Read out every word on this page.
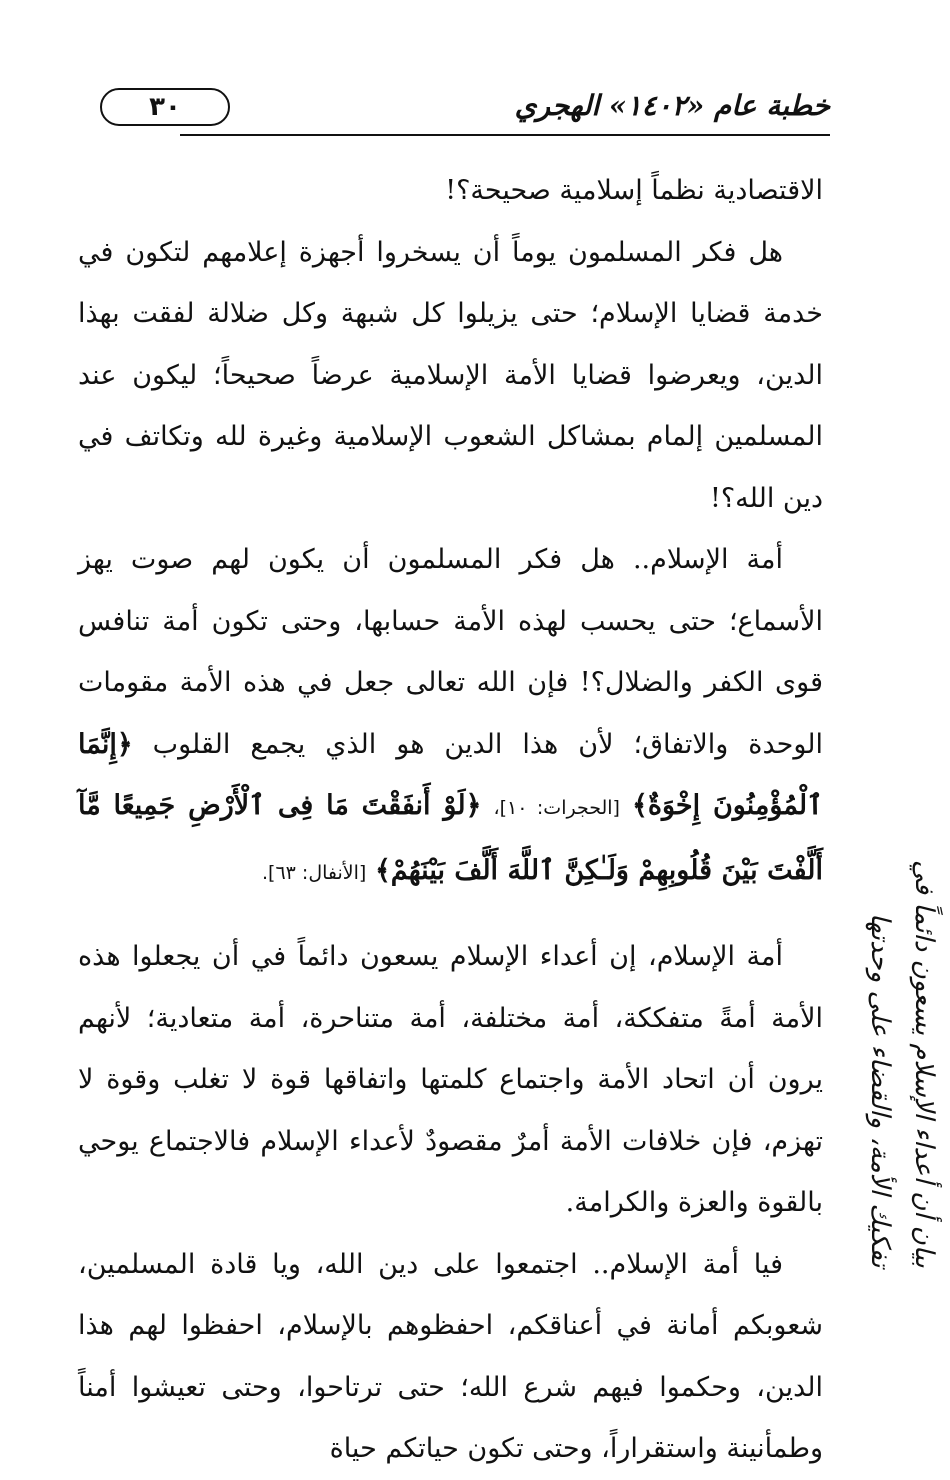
٣٠	خطبة عام «١٤٠٢» الهجري

الاقتصادية نظماً إسلامية صحيحة؟!

هل فكر المسلمون يوماً أن يسخروا أجهزة إعلامهم لتكون في خدمة قضايا الإسلام؛ حتى يزيلوا كل شبهة وكل ضلالة لفقت بهذا الدين، ويعرضوا قضايا الأمة الإسلامية عرضاً صحيحاً؛ ليكون عند المسلمين إلمام بمشاكل الشعوب الإسلامية وغيرة لله وتكاتف في دين الله؟!

أمة الإسلام.. هل فكر المسلمون أن يكون لهم صوت يهز الأسماع؛ حتى يحسب لهذه الأمة حسابها، وحتى تكون أمة تنافس قوى الكفر والضلال؟! فإن الله تعالى جعل في هذه الأمة مقومات الوحدة والاتفاق؛ لأن هذا الدين هو الذي يجمع القلوب ﴿إِنَّمَا ٱلْمُؤْمِنُونَ إِخْوَةٌ﴾ [الحجرات: ١٠]، ﴿لَوْ أَنفَقْتَ مَا فِى ٱلْأَرْضِ جَمِيعًا مَّآ أَلَّفْتَ بَيْنَ قُلُوبِهِمْ وَلَـٰكِنَّ ٱللَّهَ أَلَّفَ بَيْنَهُمْ﴾ [الأنفال: ٦٣].

أمة الإسلام، إن أعداء الإسلام يسعون دائماً في أن يجعلوا هذه الأمة أمةً متفككة، أمة مختلفة، أمة متناحرة، أمة متعادية؛ لأنهم يرون أن اتحاد الأمة واجتماع كلمتها واتفاقها قوة لا تغلب وقوة لا تهزم، فإن خلافات الأمة أمرٌ مقصودٌ لأعداء الإسلام فالاجتماع يوحي بالقوة والعزة والكرامة.

فيا أمة الإسلام.. اجتمعوا على دين الله، ويا قادة المسلمين، شعوبكم أمانة في أعناقكم، احفظوهم بالإسلام، احفظوا لهم هذا الدين، وحكموا فيهم شرع الله؛ حتى ترتاحوا، وحتى تعيشوا أمناً وطمأنينة واستقراراً، وحتى تكون حياتكم حياة

بيان أن أعداء الإسلام يسعون دائماً في
تفكيك الأمة، والقضاء على وحدتها
